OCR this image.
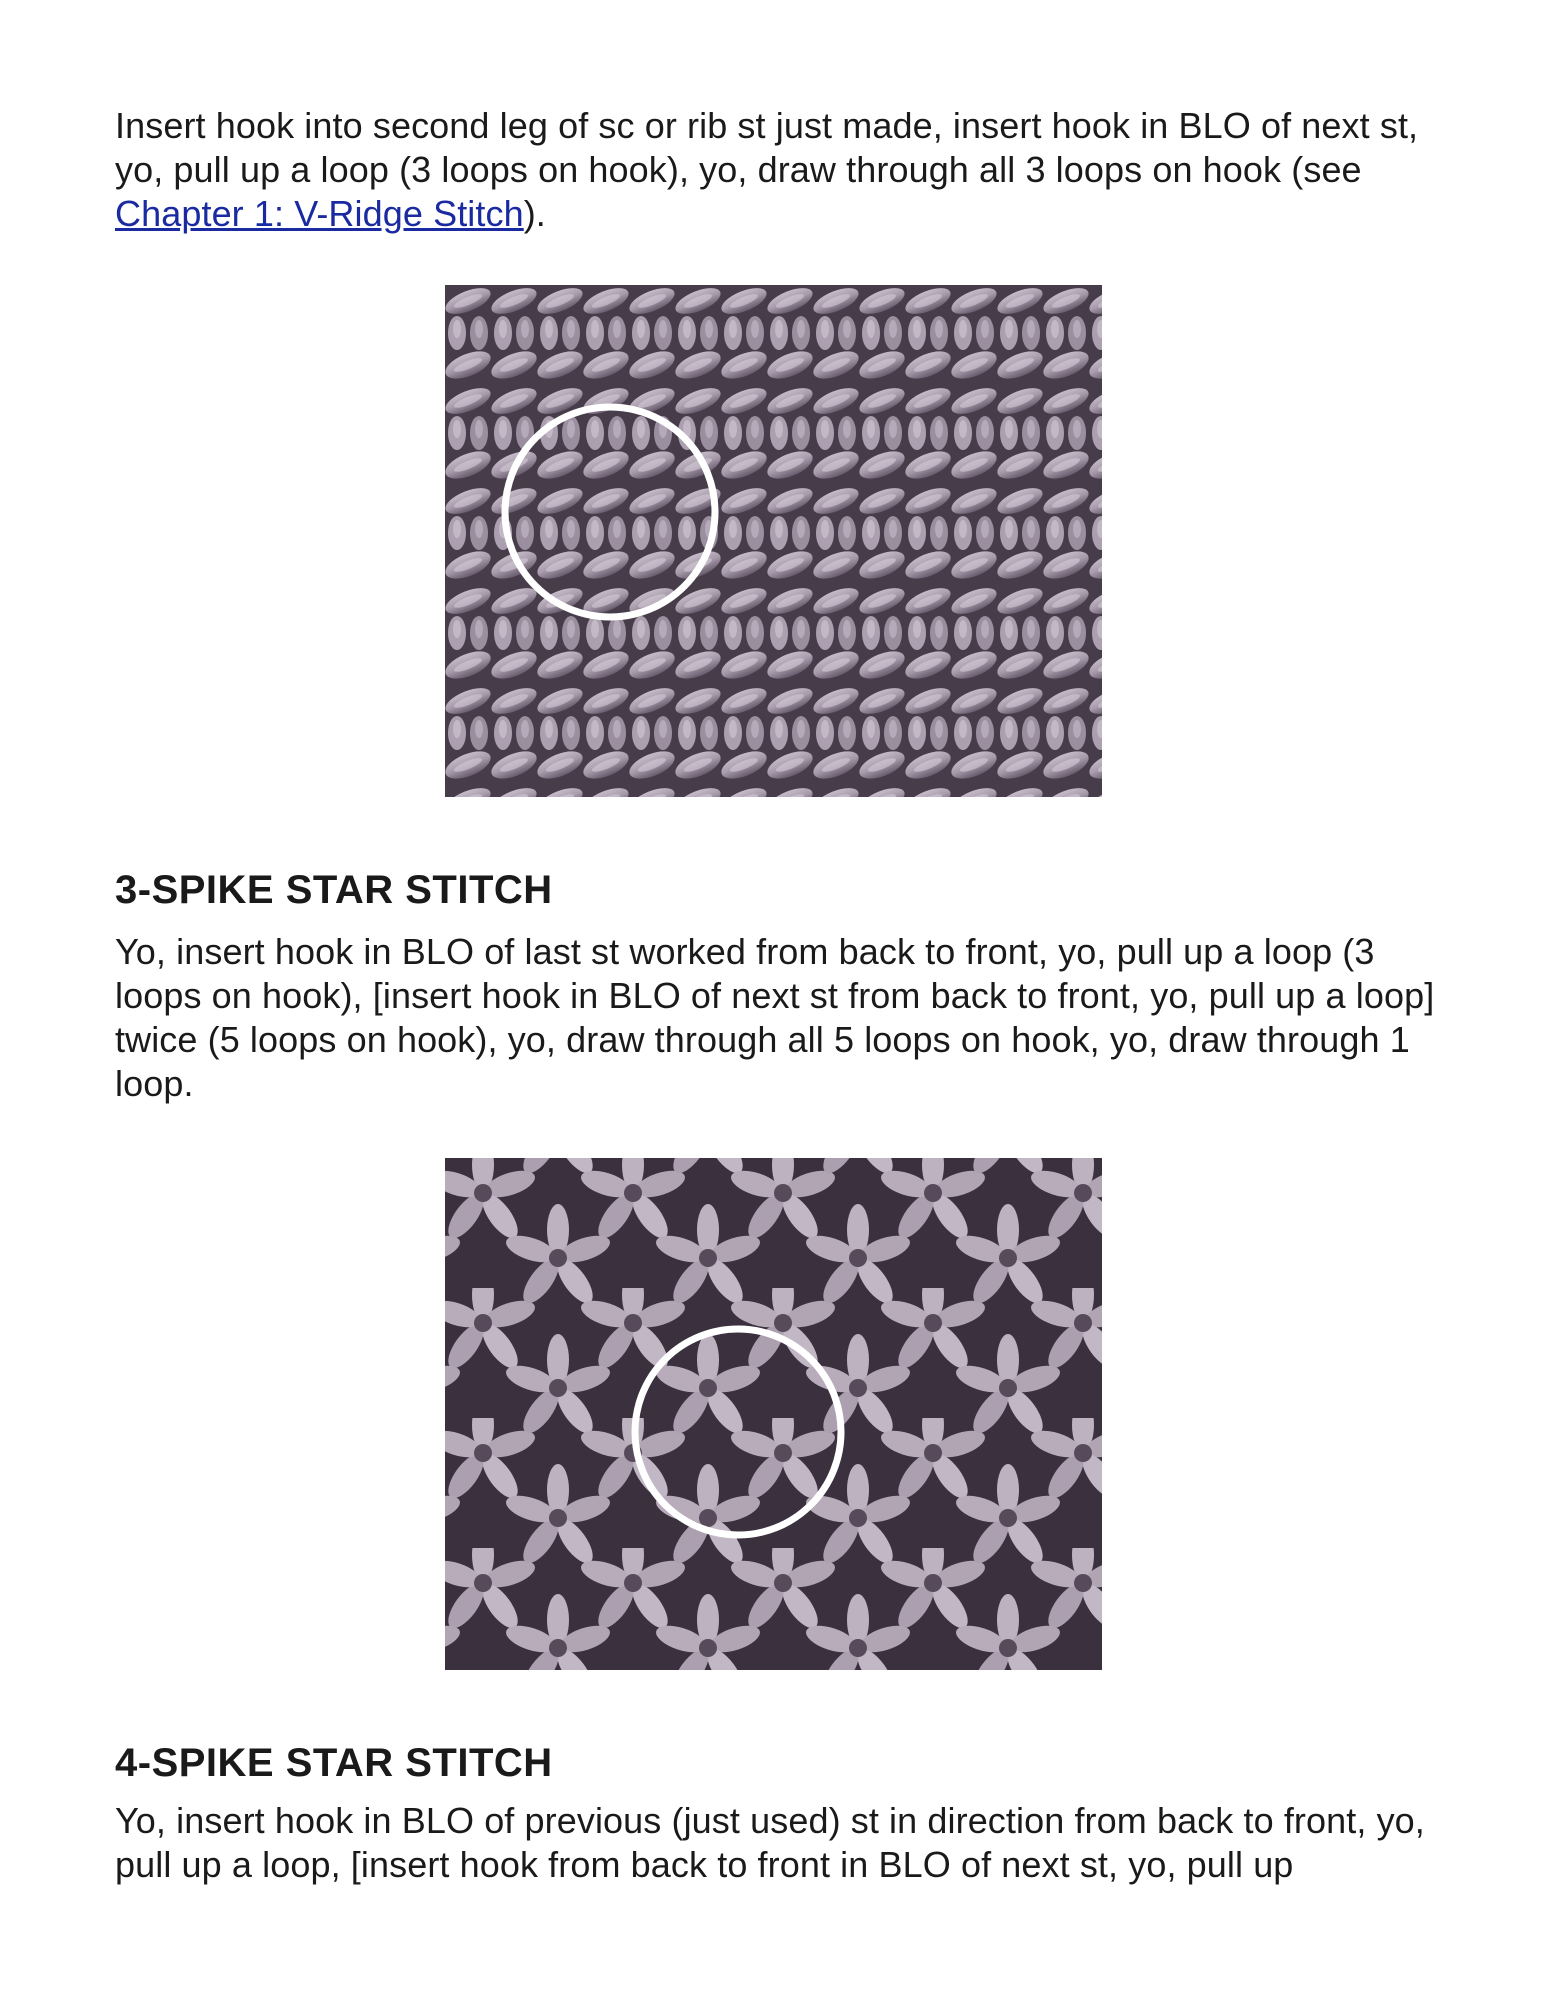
Insert hook into second leg of sc or rib st just made, insert hook in BLO of next st, yo, pull up a loop (3 loops on hook), yo, draw through all 3 loops on hook (see Chapter 1: V-Ridge Stitch).

3-SPIKE STAR STITCH

Yo, insert hook in BLO of last st worked from back to front, yo, pull up a loop (3 loops on hook), [insert hook in BLO of next st from back to front, yo, pull up a loop] twice (5 loops on hook), yo, draw through all 5 loops on hook, yo, draw through 1 loop.

4-SPIKE STAR STITCH

Yo, insert hook in BLO of previous (just used) st in direction from back to front, yo, pull up a loop, [insert hook from back to front in BLO of next st, yo, pull up
